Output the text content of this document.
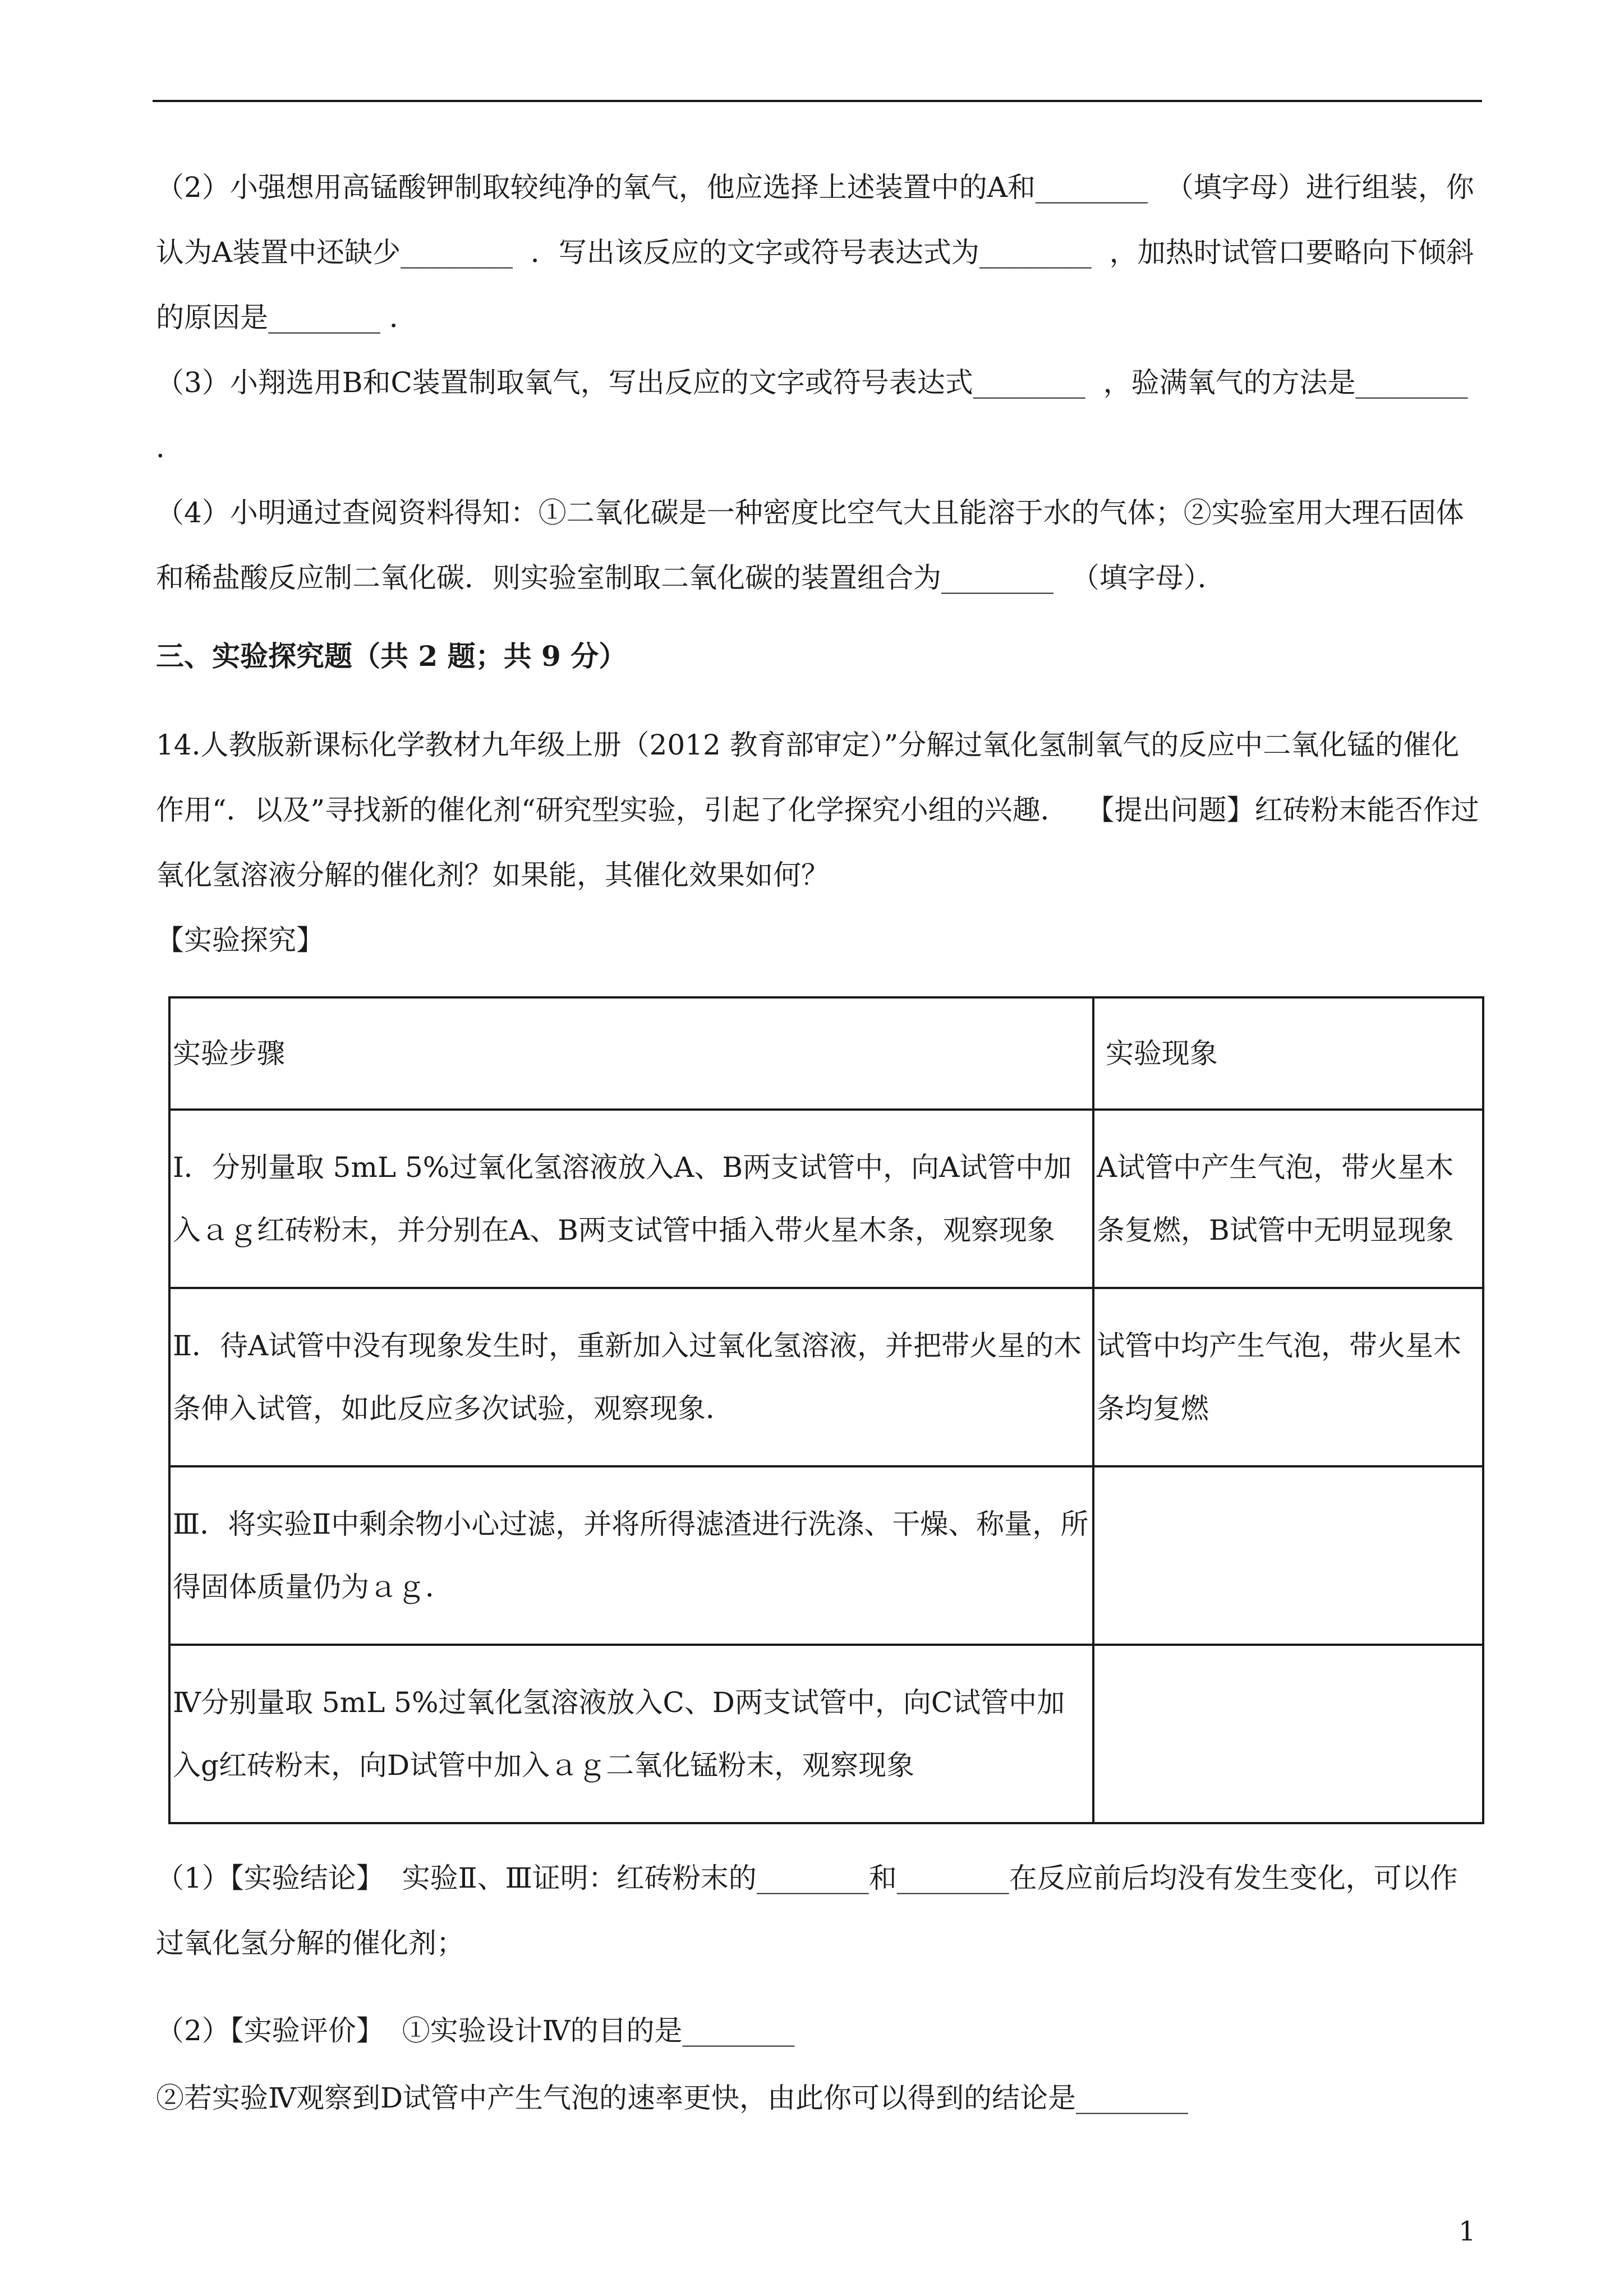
（2）小强想用高锰酸钾制取较纯净的氧气，他应选择上述装置中的A和________  （填字母）进行组装，你认为A装置中还缺少________  ．写出该反应的文字或符号表达式为________  ，加热时试管口要略向下倾斜的原因是________ ．

（3）小翔选用B和C装置制取氧气，写出反应的文字或符号表达式________  ，验满氧气的方法是________ ．

（4）小明通过查阅资料得知：①二氧化碳是一种密度比空气大且能溶于水的气体；②实验室用大理石固体和稀盐酸反应制二氧化碳．则实验室制取二氧化碳的装置组合为________  （填字母）．

三、实验探究题（共 2 题；共 9 分）

14.人教版新课标化学教材九年级上册（2012 教育部审定）”分解过氧化氢制氧气的反应中二氧化锰的催化作用“．以及”寻找新的催化剂“研究型实验，引起了化学探究小组的兴趣．  【提出问题】红砖粉末能否作过氧化氢溶液分解的催化剂？如果能，其催化效果如何？

【实验探究】

实验步骤	实验现象
Ⅰ．分别量取 5mL 5%过氧化氢溶液放入A、B两支试管中，向A试管中加入ａｇ红砖粉末，并分别在A、B两支试管中插入带火星木条，观察现象	A试管中产生气泡，带火星木条复燃，B试管中无明显现象
Ⅱ．待A试管中没有现象发生时，重新加入过氧化氢溶液，并把带火星的木条伸入试管，如此反应多次试验，观察现象．	试管中均产生气泡，带火星木条均复燃
Ⅲ．将实验Ⅱ中剩余物小心过滤，并将所得滤渣进行洗涤、干燥、称量，所得固体质量仍为ａｇ．	
Ⅳ分别量取 5mL 5%过氧化氢溶液放入C、D两支试管中，向C试管中加入g红砖粉末，向D试管中加入ａｇ二氧化锰粉末，观察现象	

（1）【实验结论】  实验Ⅱ、Ⅲ证明：红砖粉末的________和________在反应前后均没有发生变化，可以作过氧化氢分解的催化剂；

（2）【实验评价】  ①实验设计Ⅳ的目的是________
②若实验Ⅳ观察到D试管中产生气泡的速率更快，由此你可以得到的结论是________
1
